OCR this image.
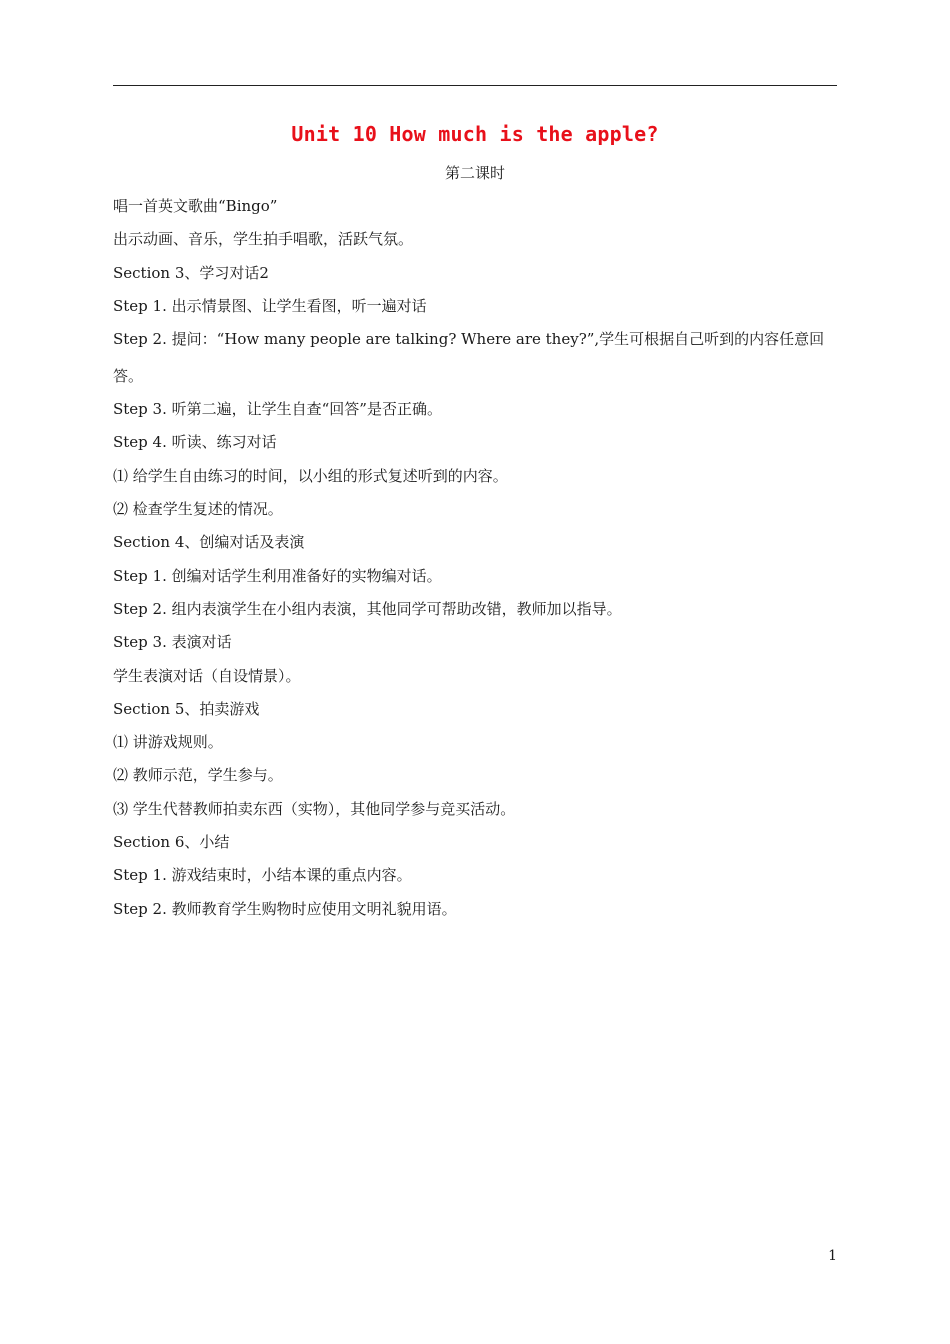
Unit 10 How much is the apple?
第二课时
唱一首英文歌曲“Bingo”
出示动画、音乐，学生拍手唱歌，活跃气氛。
Section 3、学习对话2
Step 1. 出示情景图、让学生看图，听一遍对话
Step 2. 提问：“How many people are talking? Where are they?”,学生可根据自己听到的内容任意回答。
Step 3. 听第二遍，让学生自查“回答”是否正确。
Step 4. 听读、练习对话
⑴ 给学生自由练习的时间，以小组的形式复述听到的内容。
⑵ 检查学生复述的情况。
Section 4、创编对话及表演
Step 1. 创编对话学生利用准备好的实物编对话。
Step 2. 组内表演学生在小组内表演，其他同学可帮助改错，教师加以指导。
Step 3. 表演对话
学生表演对话（自设情景）。
Section 5、拍卖游戏
⑴ 讲游戏规则。
⑵ 教师示范，学生参与。
⑶ 学生代替教师拍卖东西（实物），其他同学参与竞买活动。
Section 6、小结
Step 1. 游戏结束时，小结本课的重点内容。
Step 2. 教师教育学生购物时应使用文明礼貌用语。
1
